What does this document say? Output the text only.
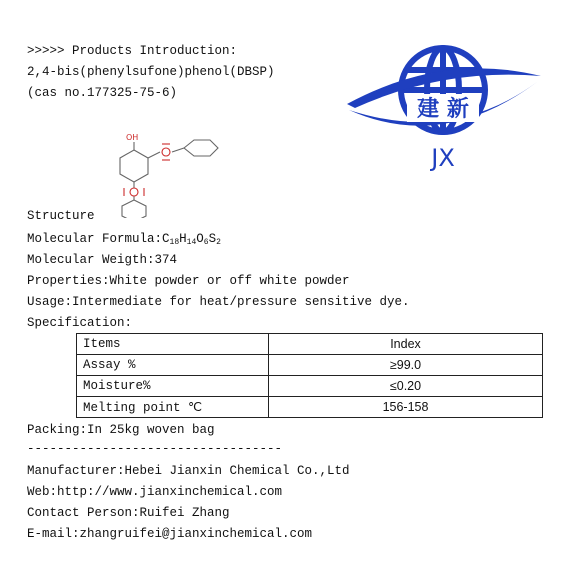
>>>>> Products Introduction:
2,4-bis(phenylsufone)phenol(DBSP)
(cas no.177325-75-6)
建 新
JX
OH
Structure
Molecular $Formula:C_{18}H_{14}O_6S_2$
Molecular Weigth:374
Properties:White powder or off white powder
Usage:Intermediate for heat/pressure sensitive dye.
Specification:
Items	Index
Assay %	≥99.0
Moisture%	≤0.20
Melting point ℃	156-158
Packing:In 25kg woven bag
----------------------------------
Manufacturer:Hebei Jianxin Chemical Co.,Ltd
Web:http://www.jianxinchemical.com
Contact Person:Ruifei Zhang
E-mail:zhangruifei@jianxinchemical.com
